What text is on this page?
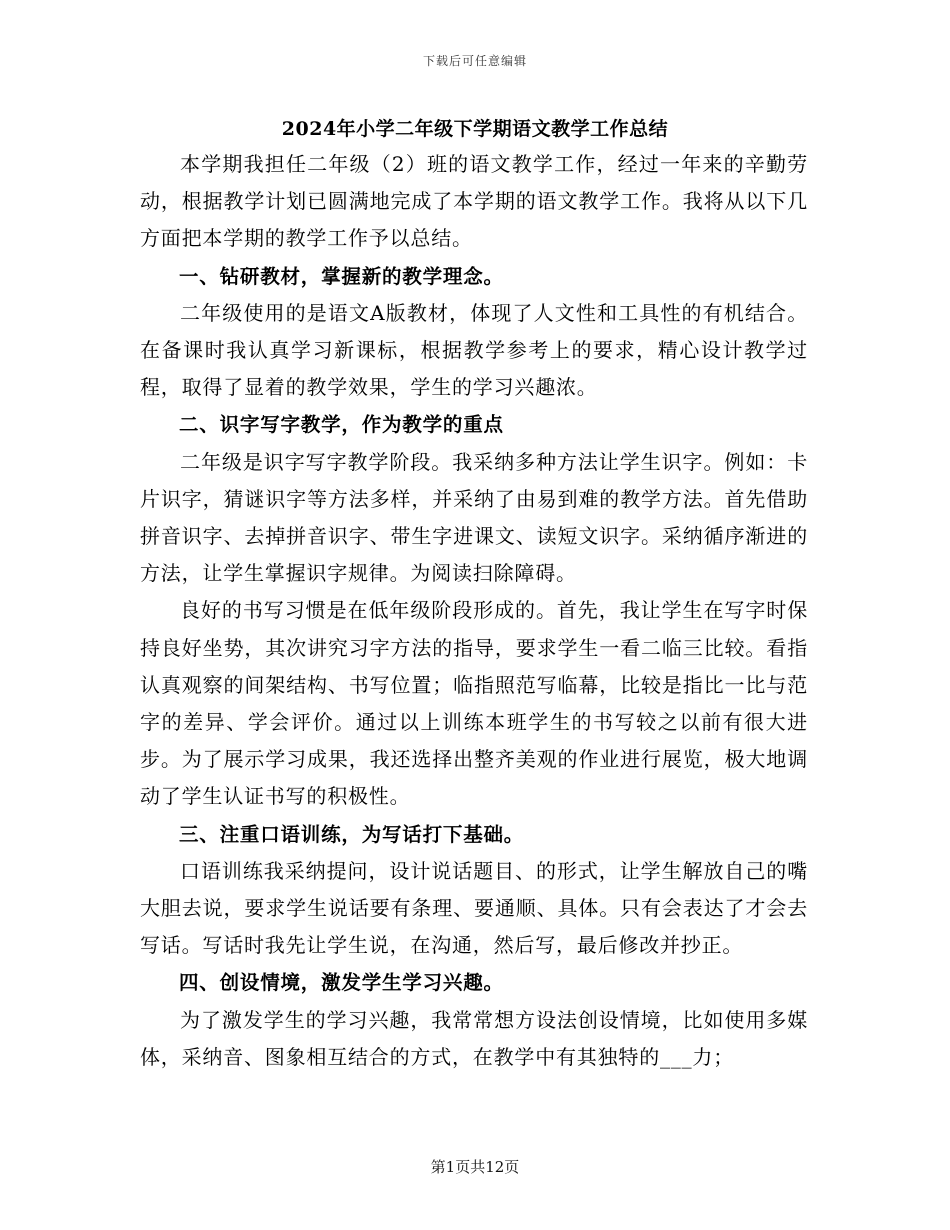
下载后可任意编辑
2024年小学二年级下学期语文教学工作总结

本学期我担任二年级（2）班的语文教学工作，经过一年来的辛勤劳动，根据教学计划已圆满地完成了本学期的语文教学工作。我将从以下几方面把本学期的教学工作予以总结。

一、钻研教材，掌握新的教学理念。

二年级使用的是语文A版教材，体现了人文性和工具性的有机结合。在备课时我认真学习新课标，根据教学参考上的要求，精心设计教学过程，取得了显着的教学效果，学生的学习兴趣浓。

二、识字写字教学，作为教学的重点

二年级是识字写字教学阶段。我采纳多种方法让学生识字。例如：卡片识字，猜谜识字等方法多样，并采纳了由易到难的教学方法。首先借助拼音识字、去掉拼音识字、带生字进课文、读短文识字。采纳循序渐进的方法，让学生掌握识字规律。为阅读扫除障碍。

良好的书写习惯是在低年级阶段形成的。首先，我让学生在写字时保持良好坐势，其次讲究习字方法的指导，要求学生一看二临三比较。看指认真观察的间架结构、书写位置；临指照范写临幕，比较是指比一比与范字的差异、学会评价。通过以上训练本班学生的书写较之以前有很大进步。为了展示学习成果，我还选择出整齐美观的作业进行展览，极大地调动了学生认证书写的积极性。

三、注重口语训练，为写话打下基础。

口语训练我采纳提问，设计说话题目、的形式，让学生解放自己的嘴大胆去说，要求学生说话要有条理、要通顺、具体。只有会表达了才会去写话。写话时我先让学生说，在沟通，然后写，最后修改并抄正。

四、创设情境，激发学生学习兴趣。

为了激发学生的学习兴趣，我常常想方设法创设情境，比如使用多媒体，采纳音、图象相互结合的方式，在教学中有其独特的___力；

第1页共12页
